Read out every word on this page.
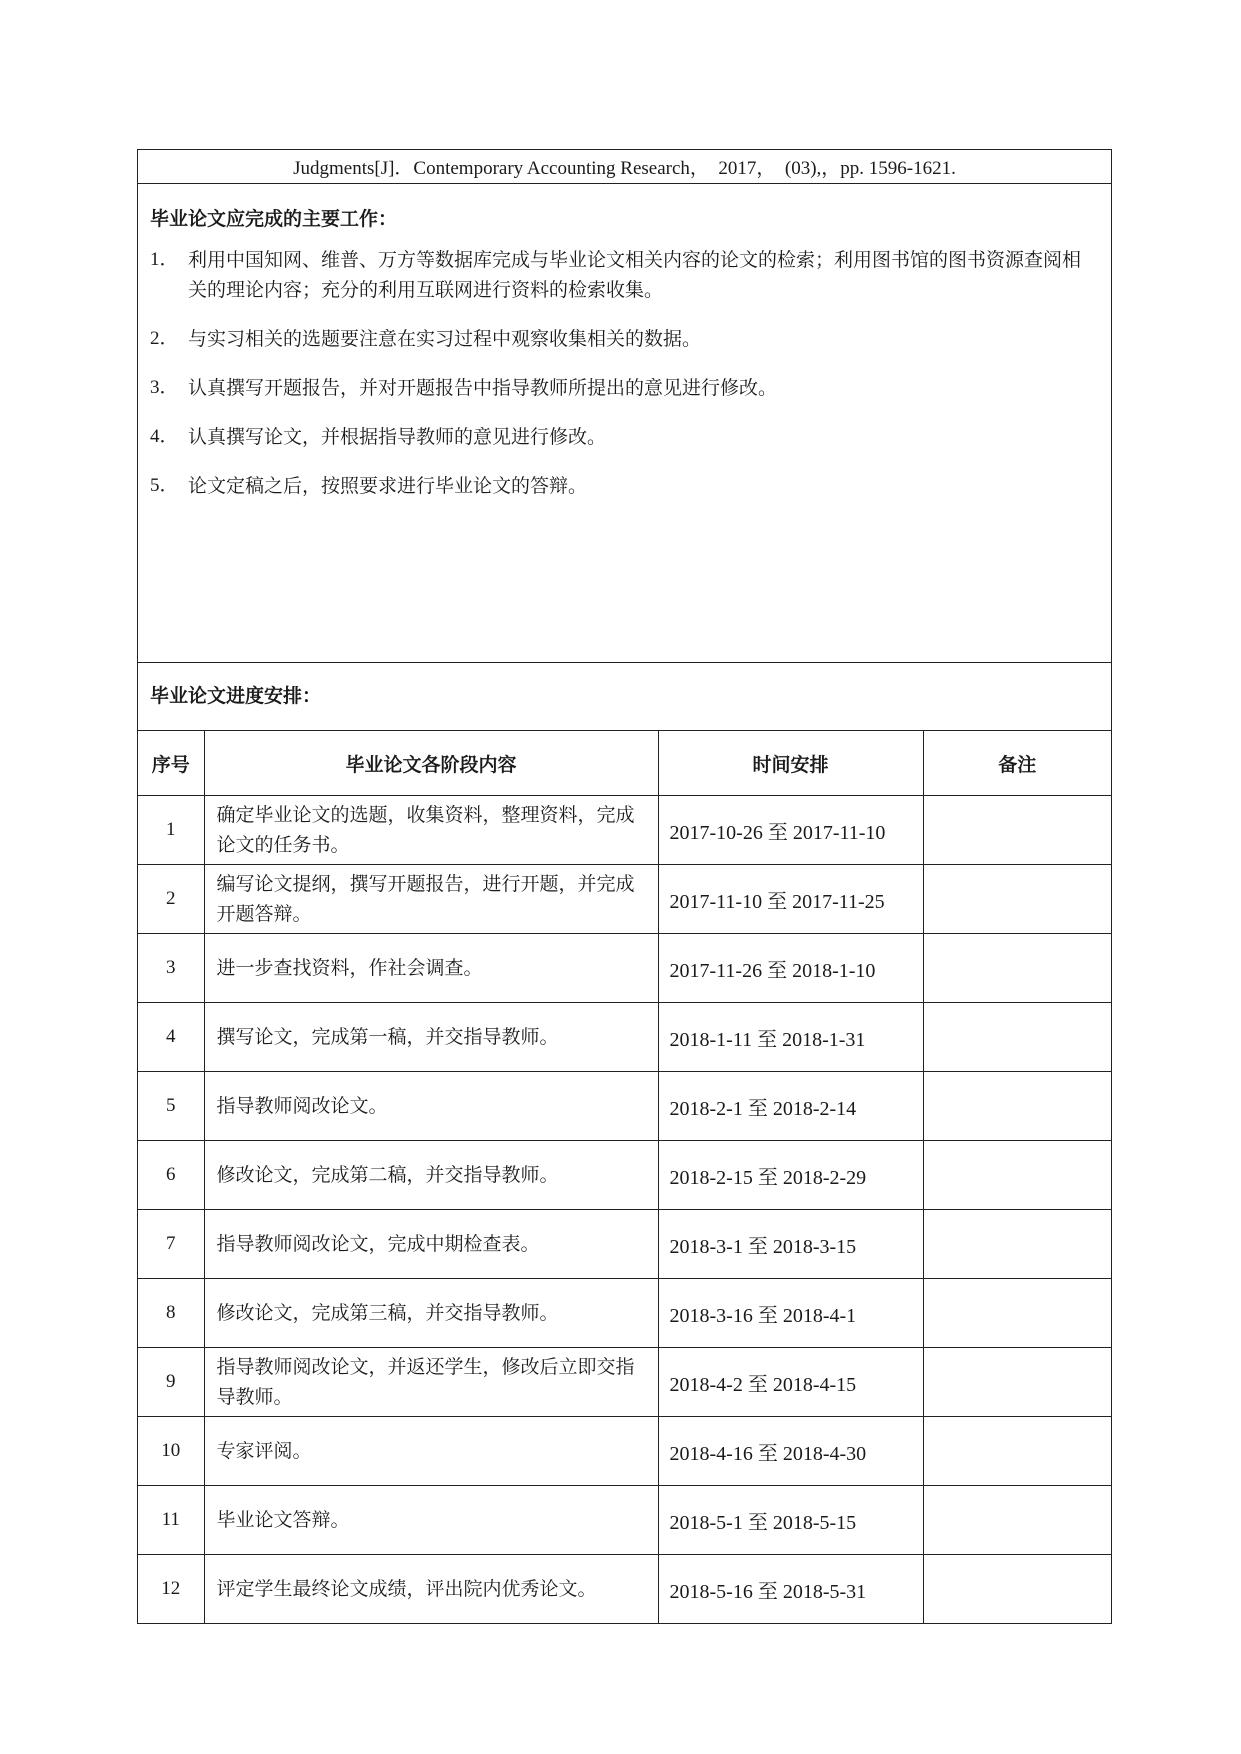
Judgments[J]．Contemporary Accounting Research，　2017，　(03),，pp. 1596-1621.
毕业论文应完成的主要工作：
1． 利用中国知网、维普、万方等数据库完成与毕业论文相关内容的论文的检索；利用图书馆的图书资源查阅相关的理论内容；充分的利用互联网进行资料的检索收集。
2． 与实习相关的选题要注意在实习过程中观察收集相关的数据。
3． 认真撰写开题报告，并对开题报告中指导教师所提出的意见进行修改。
4． 认真撰写论文，并根据指导教师的意见进行修改。
5． 论文定稿之后，按照要求进行毕业论文的答辩。
毕业论文进度安排：
序号	毕业论文各阶段内容	时间安排	备注
1	确定毕业论文的选题，收集资料，整理资料，完成论文的任务书。	2017-10-26 至 2017-11-10	
2	编写论文提纲，撰写开题报告，进行开题，并完成开题答辩。	2017-11-10 至 2017-11-25	
3	进一步查找资料，作社会调查。	2017-11-26 至 2018-1-10	
4	撰写论文，完成第一稿，并交指导教师。	2018-1-11 至 2018-1-31	
5	指导教师阅改论文。	2018-2-1 至 2018-2-14	
6	修改论文，完成第二稿，并交指导教师。	2018-2-15 至 2018-2-29	
7	指导教师阅改论文，完成中期检查表。	2018-3-1 至 2018-3-15	
8	修改论文，完成第三稿，并交指导教师。	2018-3-16 至 2018-4-1	
9	指导教师阅改论文，并返还学生，修改后立即交指导教师。	2018-4-2 至 2018-4-15	
10	专家评阅。	2018-4-16 至 2018-4-30	
11	毕业论文答辩。	2018-5-1 至 2018-5-15	
12	评定学生最终论文成绩，评出院内优秀论文。	2018-5-16 至 2018-5-31	
